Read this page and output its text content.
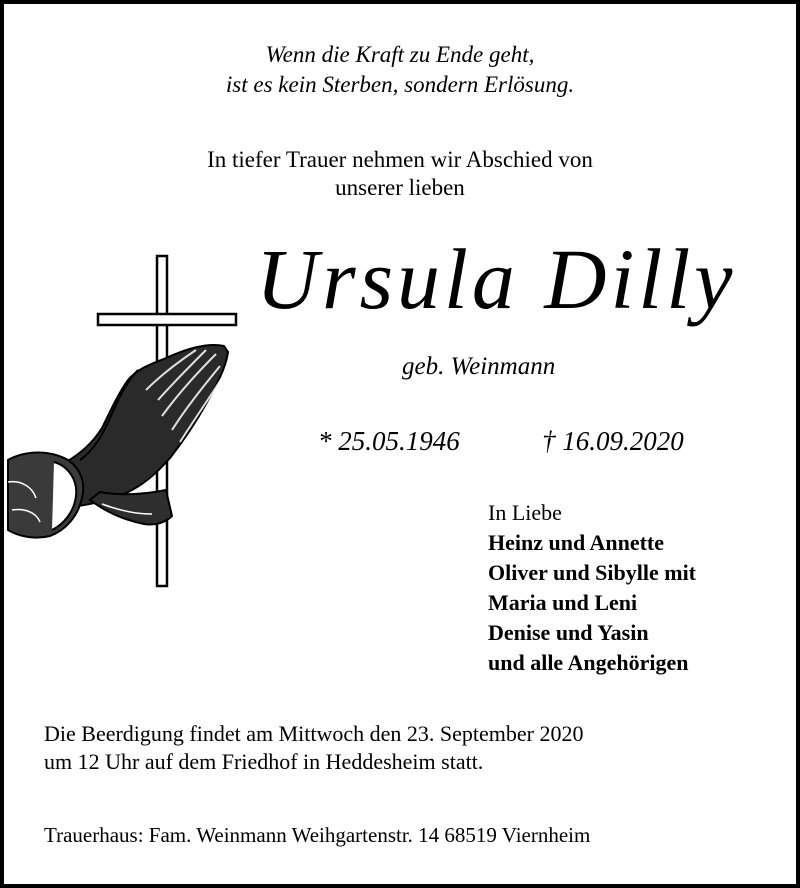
Wenn die Kraft zu Ende geht,
ist es kein Sterben, sondern Erlösung.
In tiefer Trauer nehmen wir Abschied von
unserer lieben
Ursula Dilly
geb. Weinmann
* 25.05.1946	† 16.09.2020
In Liebe
Heinz und Annette
Oliver und Sibylle mit
Maria und Leni
Denise und Yasin
und alle Angehörigen
Die Beerdigung findet am Mittwoch den 23. September 2020
um 12 Uhr auf dem Friedhof in Heddesheim statt.
Trauerhaus: Fam. Weinmann Weihgartenstr. 14 68519 Viernheim
